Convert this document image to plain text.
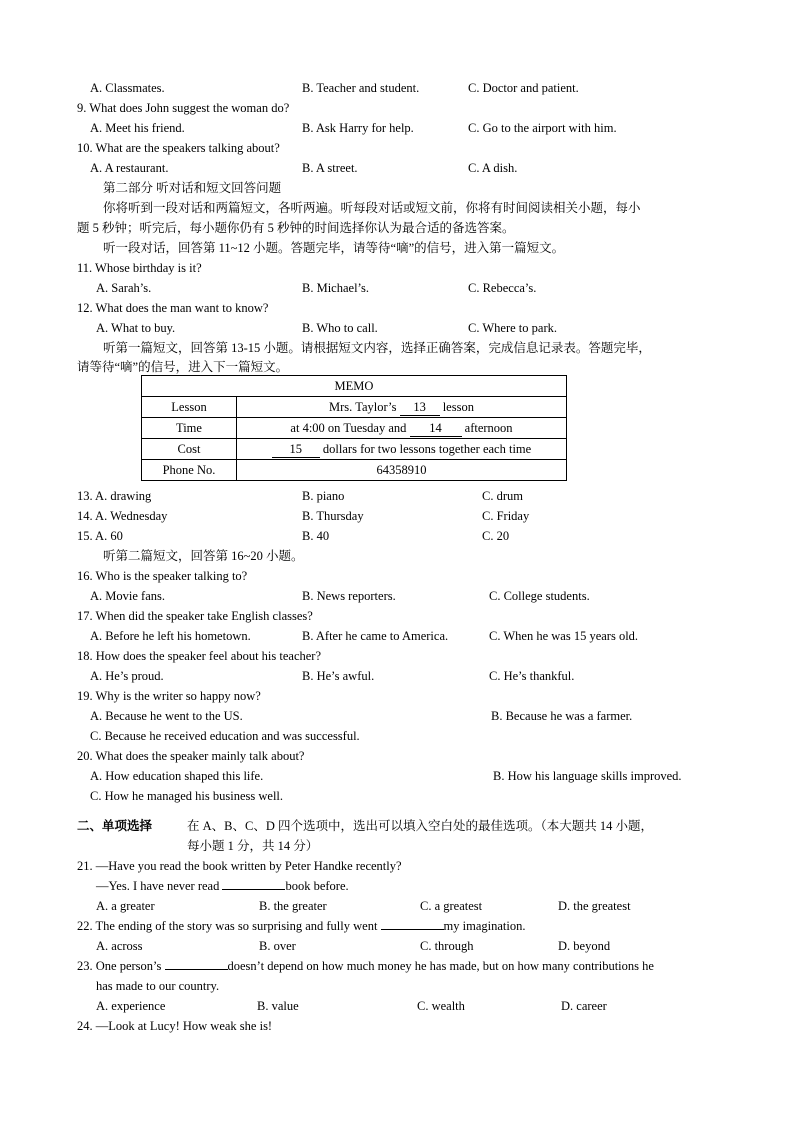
A. Classmates.	B. Teacher and student.	C. Doctor and patient.
9. What does John suggest the woman do?
A. Meet his friend.	B. Ask Harry for help.	C. Go to the airport with him.
10. What are the speakers talking about?
A. A restaurant.	B. A street.	C. A dish.
第二部分 听对话和短文回答问题
你将听到一段对话和两篇短文，各听两遍。听每段对话或短文前，你将有时间阅读相关小题，每小
题 5 秒钟；听完后，每小题你仍有 5 秒钟的时间选择你认为最合适的备选答案。
听一段对话，回答第 11~12 小题。答题完毕，请等待“嘀”的信号，进入第一篇短文。
11. Whose birthday is it?
A. Sarah’s.	B. Michael’s.	C. Rebecca’s.
12. What does the man want to know?
A. What to buy.	B. Who to call.	C. Where to park.
听第一篇短文，回答第 13-15 小题。请根据短文内容，选择正确答案，完成信息记录表。答题完毕，
请等待“嘀”的信号，进入下一篇短文。
MEMO	
Lesson	Mrs. Taylor’s 13 lesson
Time	at 4:00 on Tuesday and 14 afternoon
Cost	15 dollars for two lessons together each time
Phone No.	64358910
13. A. drawing	B. piano	C. drum
14. A. Wednesday	B. Thursday	C. Friday
15. A. 60	B. 40	C. 20
听第二篇短文，回答第 16~20 小题。
16. Who is the speaker talking to?
A. Movie fans.	B. News reporters.	C. College students.
17. When did the speaker take English classes?
A. Before he left his hometown.	B. After he came to America.	C. When he was 15 years old.
18. How does the speaker feel about his teacher?
A. He’s proud.	B. He’s awful.	C. He’s thankful.
19. Why is the writer so happy now?
A. Because he went to the US.	B. Because he was a farmer.
C. Because he received education and was successful.
20. What does the speaker mainly talk about?
A. How education shaped this life.	B. How his language skills improved.
C. How he managed his business well.
二、单项选择	在 A、B、C、D 四个选项中，选出可以填入空白处的最佳选项。（本大题共 14 小题，
每小题 1 分，共 14 分）
21. —Have you read the book written by Peter Handke recently?
—Yes. I have never read	book before.
A. a greater	B. the greater	C. a greatest	D. the greatest
22. The ending of the story was so surprising and fully went	my imagination.
A. across	B. over	C. through	D. beyond
23. One person’s	doesn’t depend on how much money he has made, but on how many contributions he
has made to our country.
A. experience	B. value	C. wealth	D. career
24. —Look at Lucy! How weak she is!
